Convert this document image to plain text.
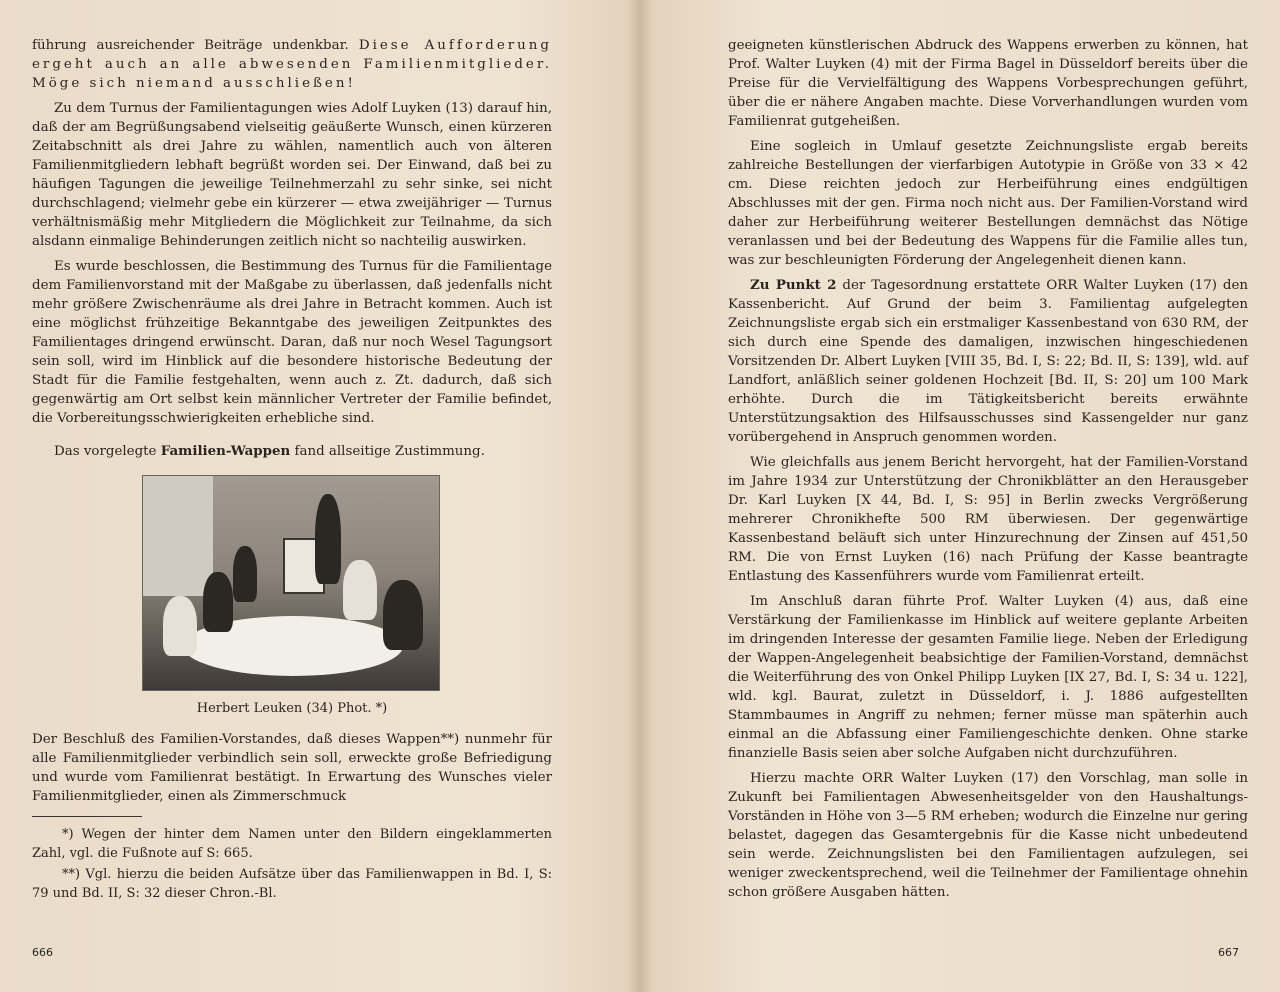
führung ausreichender Beiträge undenkbar. Diese Aufforderung ergeht auch an alle abwesenden Familienmitglieder. Möge sich niemand ausschließen!

Zu dem Turnus der Familientagungen wies Adolf Luyken (13) darauf hin, daß der am Begrüßungsabend vielseitig geäußerte Wunsch, einen kürzeren Zeitabschnitt als drei Jahre zu wählen, namentlich auch von älteren Familienmitgliedern lebhaft begrüßt worden sei. Der Einwand, daß bei zu häufigen Tagungen die jeweilige Teilnehmerzahl zu sehr sinke, sei nicht durchschlagend; vielmehr gebe ein kürzerer — etwa zweijähriger — Turnus verhältnismäßig mehr Mitgliedern die Möglichkeit zur Teilnahme, da sich alsdann einmalige Behinderungen zeitlich nicht so nachteilig auswirken.

Es wurde beschlossen, die Bestimmung des Turnus für die Familientage dem Familienvorstand mit der Maßgabe zu überlassen, daß jedenfalls nicht mehr größere Zwischenräume als drei Jahre in Betracht kommen. Auch ist eine möglichst frühzeitige Bekanntgabe des jeweiligen Zeitpunktes des Familientages dringend erwünscht. Daran, daß nur noch Wesel Tagungsort sein soll, wird im Hinblick auf die besondere historische Bedeutung der Stadt für die Familie festgehalten, wenn auch z. Zt. dadurch, daß sich gegenwärtig am Ort selbst kein männlicher Vertreter der Familie befindet, die Vorbereitungsschwierigkeiten erhebliche sind.

Das vorgelegte Familien-Wappen fand allseitige Zustimmung.

Herbert Leuken (34) Phot. *)

Der Beschluß des Familien-Vorstandes, daß dieses Wappen**) nunmehr für alle Familienmitglieder verbindlich sein soll, erweckte große Befriedigung und wurde vom Familienrat bestätigt. In Erwartung des Wunsches vieler Familienmitglieder, einen als Zimmerschmuck

*) Wegen der hinter dem Namen unter den Bildern eingeklammerten Zahl, vgl. die Fußnote auf S: 665.

**) Vgl. hierzu die beiden Aufsätze über das Familienwappen in Bd. I, S: 79 und Bd. II, S: 32 dieser Chron.-Bl.

geeigneten künstlerischen Abdruck des Wappens erwerben zu können, hat Prof. Walter Luyken (4) mit der Firma Bagel in Düsseldorf bereits über die Preise für die Vervielfältigung des Wappens Vorbesprechungen geführt, über die er nähere Angaben machte. Diese Vorverhandlungen wurden vom Familienrat gutgeheißen.

Eine sogleich in Umlauf gesetzte Zeichnungsliste ergab bereits zahlreiche Bestellungen der vierfarbigen Autotypie in Größe von 33 × 42 cm. Diese reichten jedoch zur Herbeiführung eines endgültigen Abschlusses mit der gen. Firma noch nicht aus. Der Familien-Vorstand wird daher zur Herbeiführung weiterer Bestellungen demnächst das Nötige veranlassen und bei der Bedeutung des Wappens für die Familie alles tun, was zur beschleunigten Förderung der Angelegenheit dienen kann.

Zu Punkt 2 der Tagesordnung erstattete ORR Walter Luyken (17) den Kassenbericht. Auf Grund der beim 3. Familientag aufgelegten Zeichnungsliste ergab sich ein erstmaliger Kassenbestand von 630 RM, der sich durch eine Spende des damaligen, inzwischen hingeschiedenen Vorsitzenden Dr. Albert Luyken [VIII 35, Bd. I, S: 22; Bd. II, S: 139], wld. auf Landfort, anläßlich seiner goldenen Hochzeit [Bd. II, S: 20] um 100 Mark erhöhte. Durch die im Tätigkeitsbericht bereits erwähnte Unterstützungsaktion des Hilfsausschusses sind Kassengelder nur ganz vorübergehend in Anspruch genommen worden.

Wie gleichfalls aus jenem Bericht hervorgeht, hat der Familien-Vorstand im Jahre 1934 zur Unterstützung der Chronikblätter an den Herausgeber Dr. Karl Luyken [X 44, Bd. I, S: 95] in Berlin zwecks Vergrößerung mehrerer Chronikhefte 500 RM überwiesen. Der gegenwärtige Kassenbestand beläuft sich unter Hinzurechnung der Zinsen auf 451,50 RM. Die von Ernst Luyken (16) nach Prüfung der Kasse beantragte Entlastung des Kassenführers wurde vom Familienrat erteilt.

Im Anschluß daran führte Prof. Walter Luyken (4) aus, daß eine Verstärkung der Familienkasse im Hinblick auf weitere geplante Arbeiten im dringenden Interesse der gesamten Familie liege. Neben der Erledigung der Wappen-Angelegenheit beabsichtige der Familien-Vorstand, demnächst die Weiterführung des von Onkel Philipp Luyken [IX 27, Bd. I, S: 34 u. 122], wld. kgl. Baurat, zuletzt in Düsseldorf, i. J. 1886 aufgestellten Stammbaumes in Angriff zu nehmen; ferner müsse man späterhin auch einmal an die Abfassung einer Familiengeschichte denken. Ohne starke finanzielle Basis seien aber solche Aufgaben nicht durchzuführen.

Hierzu machte ORR Walter Luyken (17) den Vorschlag, man solle in Zukunft bei Familientagen Abwesenheitsgelder von den Haushaltungs-Vorständen in Höhe von 3—5 RM erheben; wodurch die Einzelne nur gering belastet, dagegen das Gesamtergebnis für die Kasse nicht unbedeutend sein werde. Zeichnungslisten bei den Familientagen aufzulegen, sei weniger zweckentsprechend, weil die Teilnehmer der Familientage ohnehin schon größere Ausgaben hätten.

666	667
